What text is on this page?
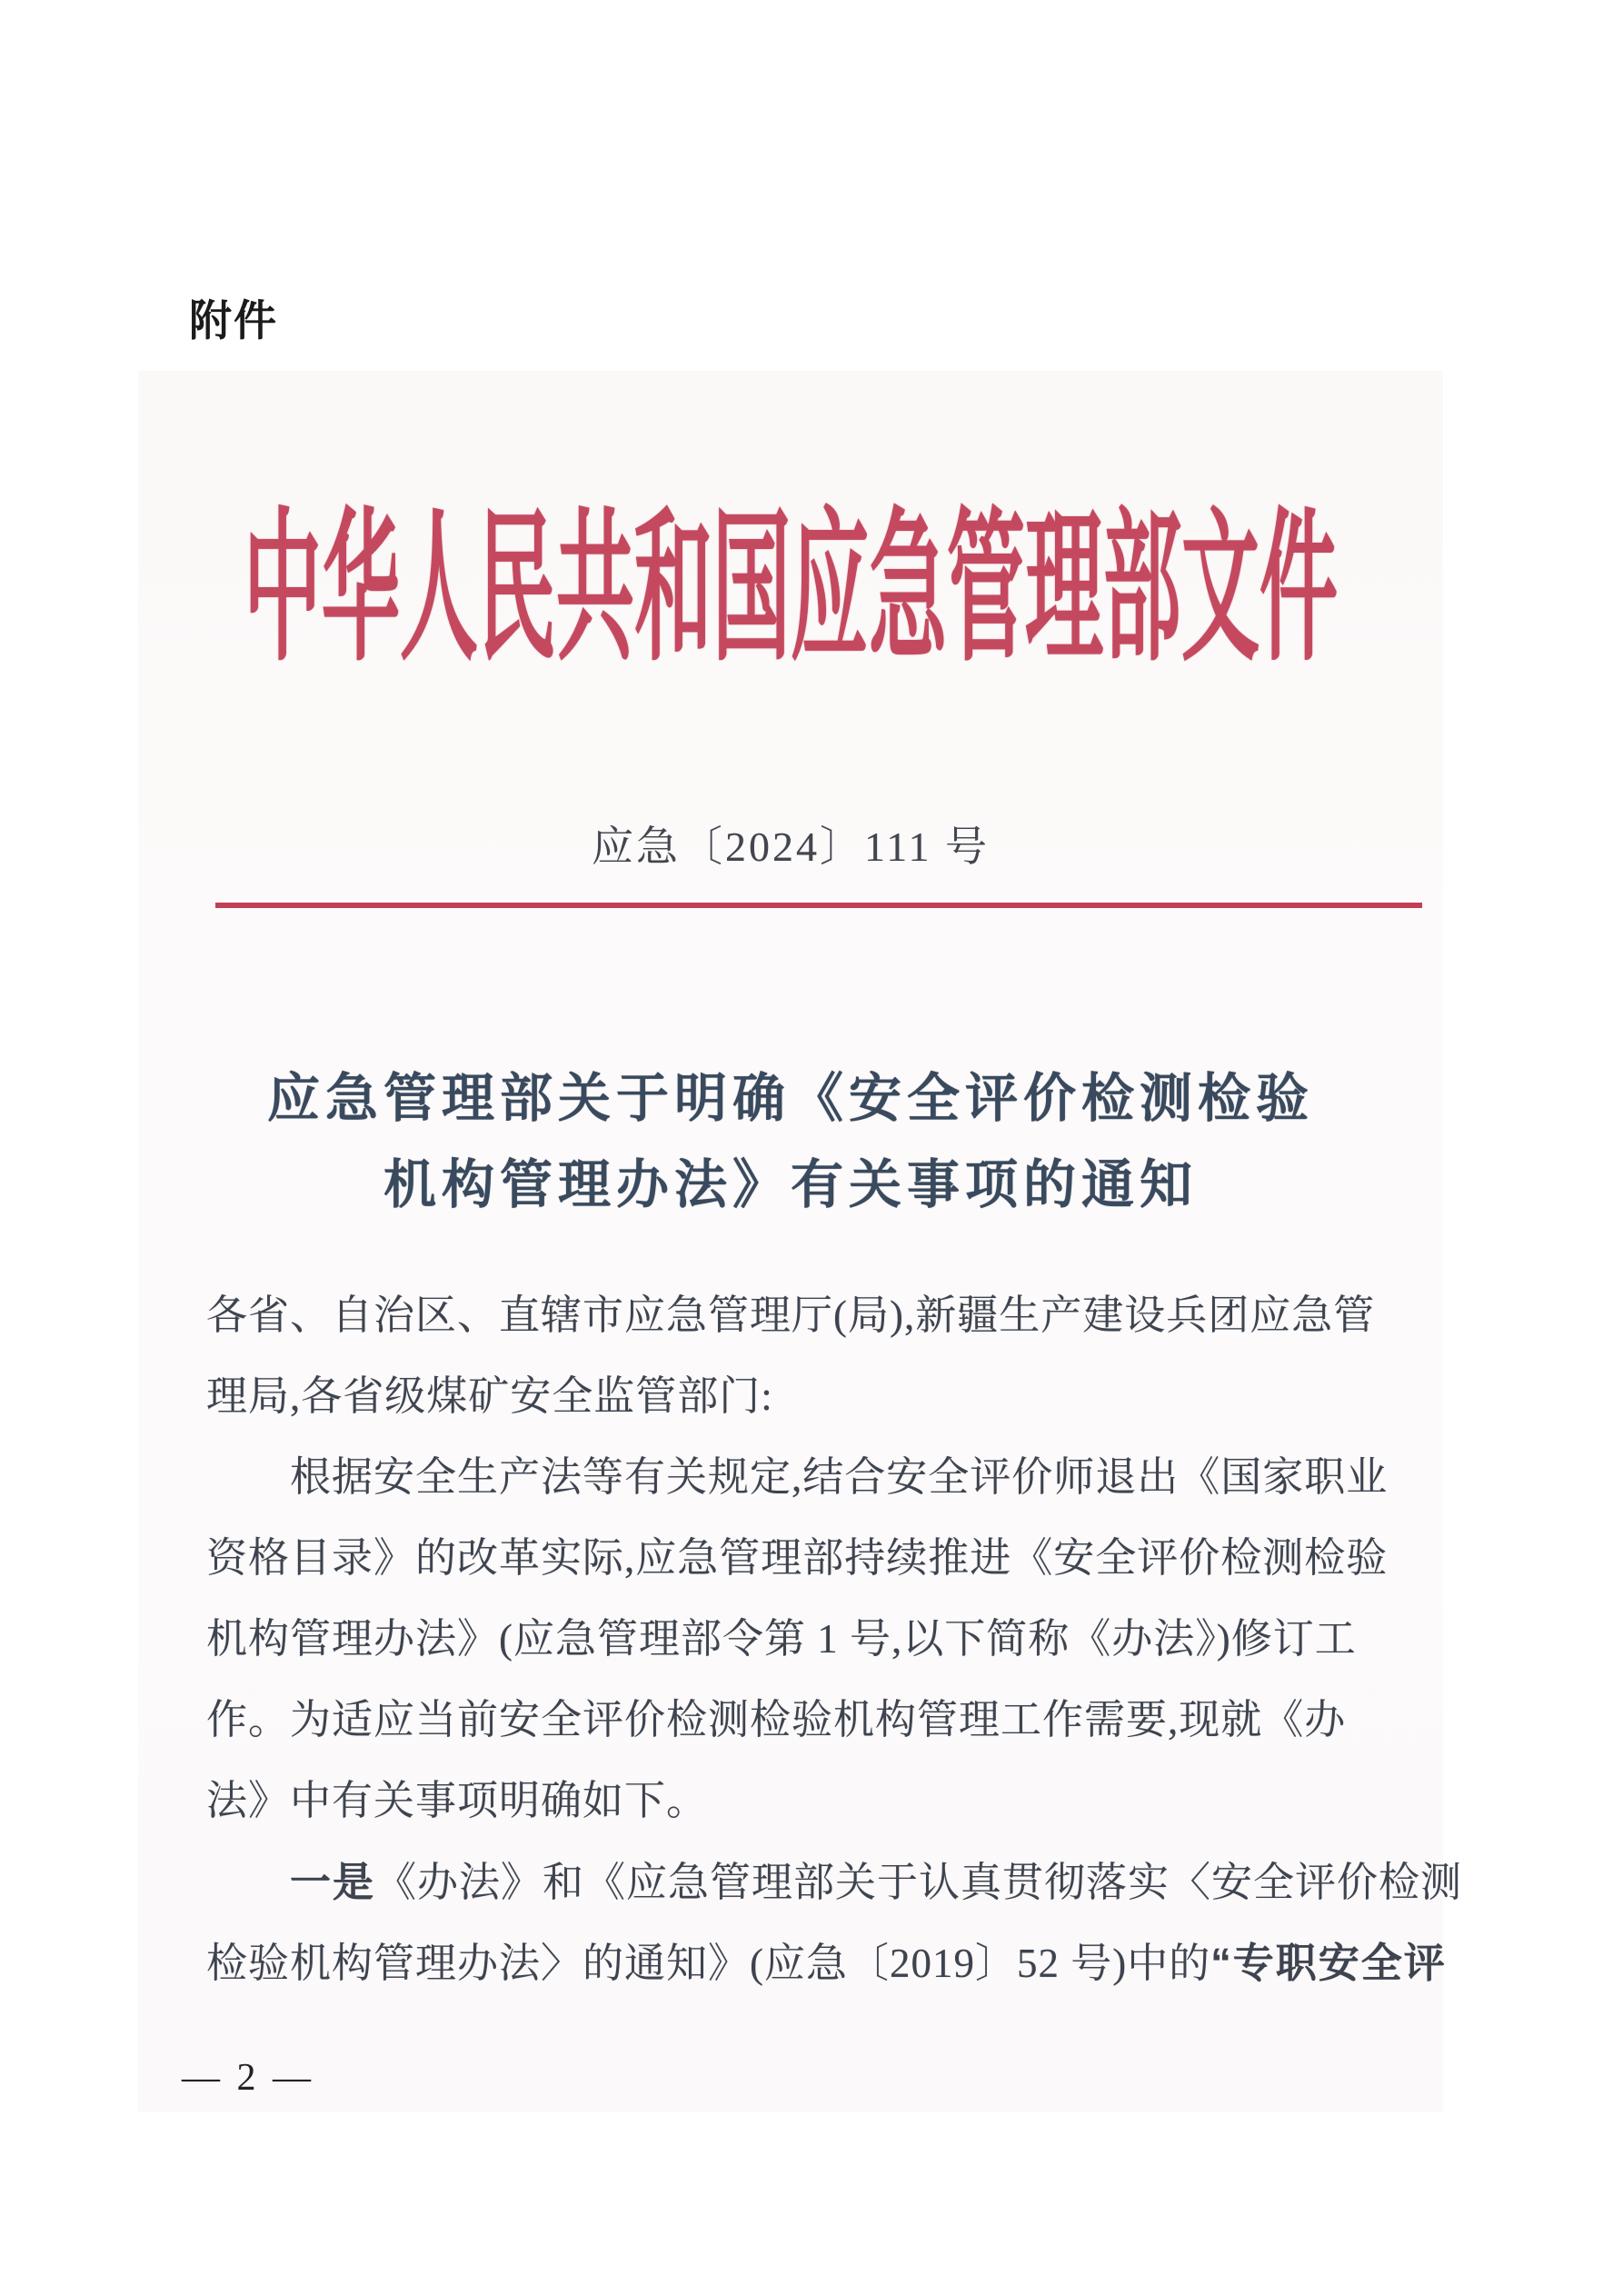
附件
中华人民共和国应急管理部文件
应急〔2024〕111 号
应急管理部关于明确《安全评价检测检验
机构管理办法》有关事项的通知
各省、自治区、直辖市应急管理厅(局),新疆生产建设兵团应急管
理局,各省级煤矿安全监管部门:
根据安全生产法等有关规定,结合安全评价师退出《国家职业
资格目录》的改革实际,应急管理部持续推进《安全评价检测检验
机构管理办法》(应急管理部令第 1 号,以下简称《办法》)修订工
作。为适应当前安全评价检测检验机构管理工作需要,现就《办
法》中有关事项明确如下。
一是《办法》和《应急管理部关于认真贯彻落实〈安全评价检测
检验机构管理办法〉的通知》(应急〔2019〕52 号)中的“专职安全评
— 2 —
